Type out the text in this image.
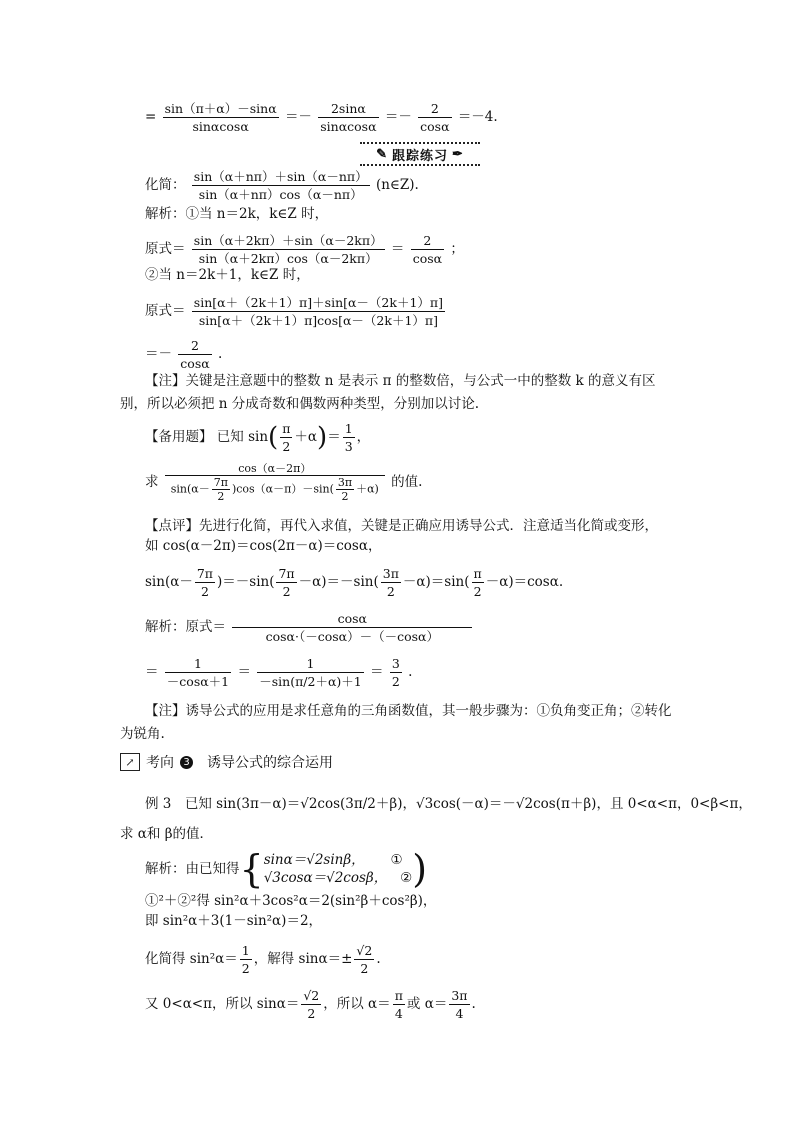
= $\frac{\sin(\pi+\alpha)-\sin\alpha}{\sin\alpha\cos\alpha} =- \frac{2\sin\alpha}{\sin\alpha\cos\alpha} =- \frac{2}{\cos\alpha} =-4$.
✎ 跟踪练习 ✒
化简： $\frac{\sin(\alpha+n\pi)+\sin(\alpha-n\pi)}{\sin(\alpha+n\pi)\cos(\alpha-n\pi)}$ (n∈Z).
解析：①当 n＝2k，k∈Z 时，
原式＝ $\frac{\sin(\alpha+2k\pi)+\sin(\alpha-2k\pi)}{\sin(\alpha+2k\pi)\cos(\alpha-2k\pi)} = \frac{2}{\cos\alpha}$ ；
②当 n＝2k＋1，k∈Z 时，
原式＝ $\frac{\sin[\alpha+(2k+1)\pi]+\sin[\alpha-(2k+1)\pi]}{\sin[\alpha+(2k+1)\pi]\cos[\alpha-(2k+1)\pi]}$
＝－ $\frac{2}{\cos\alpha}$ .
【注】关键是注意题中的整数 n 是表示 π 的整数倍，与公式一中的整数 k 的意义有区别，所以必须把 n 分成奇数和偶数两种类型，分别加以讨论.
【备用题】 已知 $\sin( \frac{\pi}{2} +\alpha)= \frac{1}{3}$ ，
求 $\frac{\cos(\alpha-2\pi)}{\sin(\alpha- \frac{7\pi}{2} )\cos(\alpha-\pi)-\sin( \frac{3\pi}{2} +\alpha)}$ 的值.
【点评】先进行化简，再代入求值，关键是正确应用诱导公式．注意适当化简或变形，
如 cos(α－2π)＝cos(2π－α)＝cosα，
$\sin(\alpha- \frac{7\pi}{2} )=-\sin( \frac{7\pi}{2} -\alpha)=-\sin( \frac{3\pi}{2} -\alpha)=\sin( \frac{\pi}{2} -\alpha)=\cos\alpha$.
解析：原式＝ $\frac{\cos\alpha}{\cos\alpha\cdot(-\cos\alpha)-(-\cos\alpha)}$
＝ $\frac{1}{-\cos\alpha+1} = \frac{1}{-\sin(\pi/2+\alpha)+1} = \frac{3}{2}$ .
【注】诱导公式的应用是求任意角的三角函数值，其一般步骤为：①负角变正角；②转化为锐角.
↗ 考向 3 诱导公式的综合运用
例 3　已知 sin(3π－α)＝√2cos(3π/2＋β)，√3cos(－α)＝－√2cos(π＋β)，且 0<α<π，0<β<π，
求 α和 β的值．
解析：由已知得{ sinα＝√2sinβ， ①
√3cosα＝√2cosβ， ② )
①²＋②²得 sin²α＋3cos²α＝2(sin²β＋cos²β)，
即 sin²α＋3(1－sin²α)＝2，
化简得 $\sin^2\alpha= \frac{1}{2}$ ，解得 $\sin\alpha=\pm \frac{√2}{2}$ .
又 0<α<π，所以 $\sin\alpha= \frac{√2}{2}$ ，所以 $\alpha= \frac{\pi}{4}$ 或 $\alpha= \frac{3\pi}{4}$ .
